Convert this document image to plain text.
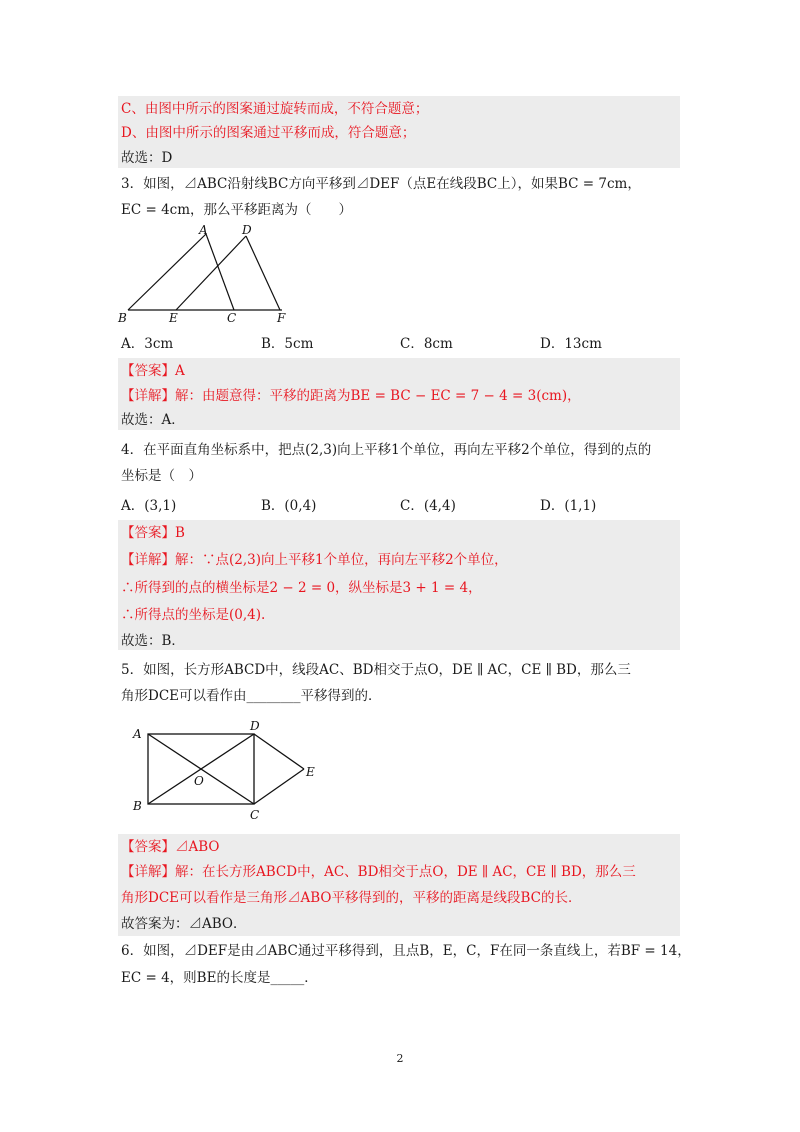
C、由图中所示的图案通过旋转而成，不符合题意；
D、由图中所示的图案通过平移而成，符合题意；
故选：D
3．如图，⊿ABC沿射线BC方向平移到⊿DEF（点E在线段BC上），如果BC = 7cm，
EC = 4cm，那么平移距离为（　　）
A	D
B	E	C	F
A．3cm	B．5cm	C．8cm	D．13cm
【答案】A
【详解】解：由题意得：平移的距离为BE = BC − EC = 7 − 4 = 3(cm)，
故选：A．
4．在平面直角坐标系中，把点(2,3)向上平移1个单位，再向左平移2个单位，得到的点的
坐标是（　）
A．(3,1)	B．(0,4)	C．(4,4)	D．(1,1)
【答案】B
【详解】解：∵点(2,3)向上平移1个单位，再向左平移2个单位，
∴所得到的点的横坐标是2 − 2 = 0，纵坐标是3 + 1 = 4，
∴所得点的坐标是(0,4).
故选：B．
5．如图，长方形ABCD中，线段AC、BD相交于点O，DE ∥ AC，CE ∥ BD，那么三
角形DCE可以看作由________平移得到的．
A
D
O
E
B
C
【答案】⊿ABO
【详解】解：在长方形ABCD中，AC、BD相交于点O，DE ∥ AC，CE ∥ BD，那么三
角形DCE可以看作是三角形⊿ABO平移得到的，平移的距离是线段BC的长．
故答案为：⊿ABO．
6．如图，⊿DEF是由⊿ABC通过平移得到，且点B，E，C，F在同一条直线上，若BF = 14，
EC = 4，则BE的长度是_____．
2
